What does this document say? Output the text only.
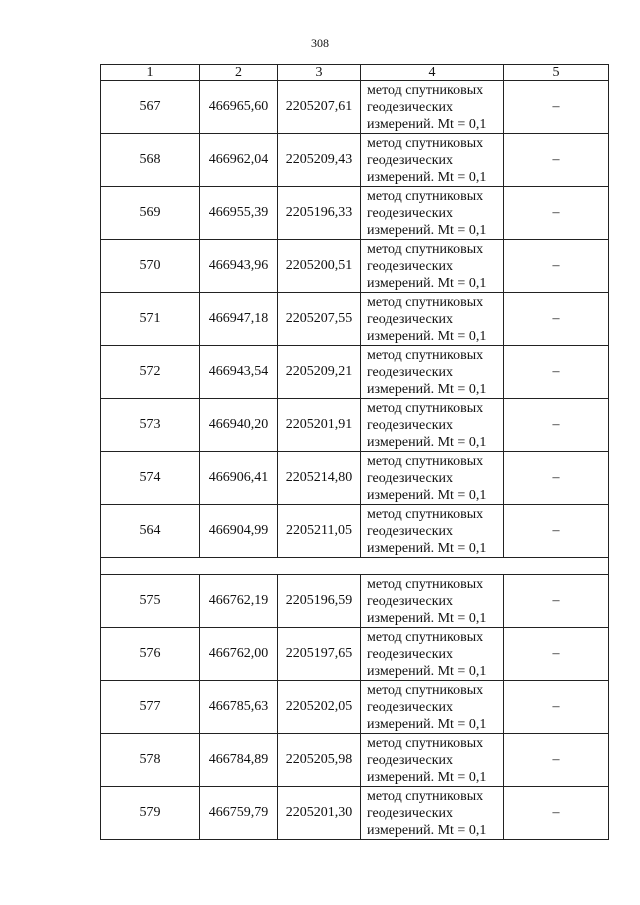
308
1	2	3	4	5
567	466965,60	2205207,61	метод спутниковых
геодезических
измерений. Mt = 0,1	–
568	466962,04	2205209,43	метод спутниковых
геодезических
измерений. Mt = 0,1	–
569	466955,39	2205196,33	метод спутниковых
геодезических
измерений. Mt = 0,1	–
570	466943,96	2205200,51	метод спутниковых
геодезических
измерений. Mt = 0,1	–
571	466947,18	2205207,55	метод спутниковых
геодезических
измерений. Mt = 0,1	–
572	466943,54	2205209,21	метод спутниковых
геодезических
измерений. Mt = 0,1	–
573	466940,20	2205201,91	метод спутниковых
геодезических
измерений. Mt = 0,1	–
574	466906,41	2205214,80	метод спутниковых
геодезических
измерений. Mt = 0,1	–
564	466904,99	2205211,05	метод спутниковых
геодезических
измерений. Mt = 0,1	–

575	466762,19	2205196,59	метод спутниковых
геодезических
измерений. Mt = 0,1	–
576	466762,00	2205197,65	метод спутниковых
геодезических
измерений. Mt = 0,1	–
577	466785,63	2205202,05	метод спутниковых
геодезических
измерений. Mt = 0,1	–
578	466784,89	2205205,98	метод спутниковых
геодезических
измерений. Mt = 0,1	–
579	466759,79	2205201,30	метод спутниковых
геодезических
измерений. Mt = 0,1	–
